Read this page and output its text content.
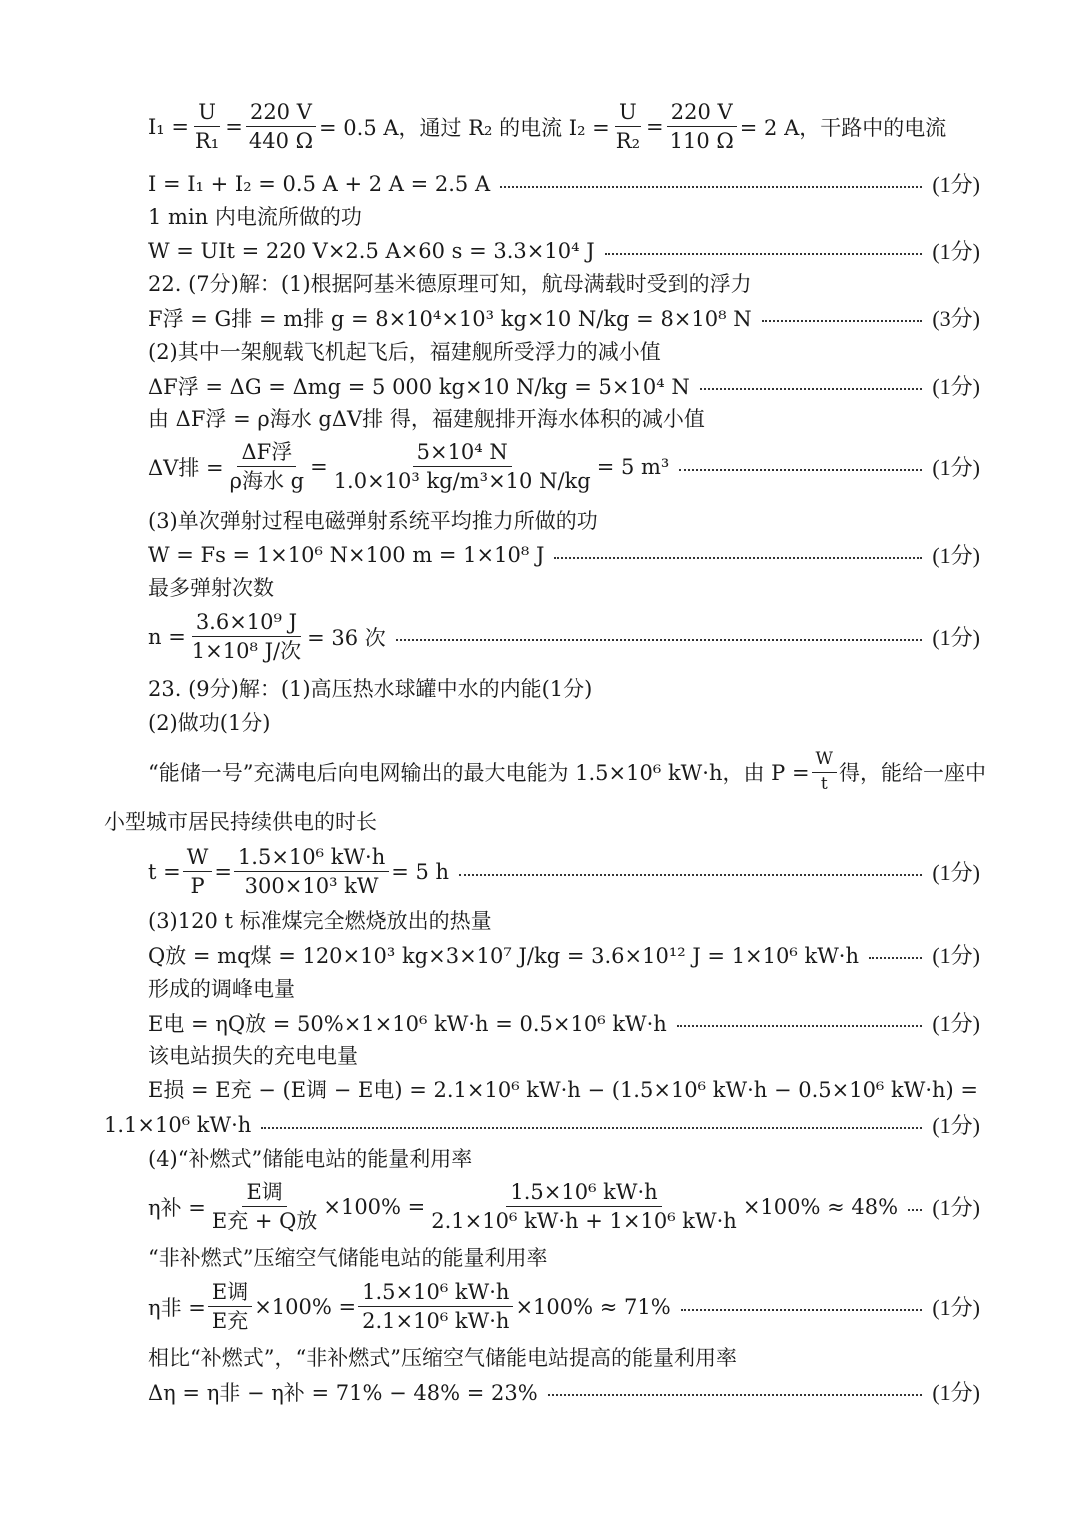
$I_1 = \frac{U}{\text{R₁}} = \frac{220 V}{440 \Omega} = 0.5$ A，通过 R₂ 的电流 $I_2 = \frac{U}{\text{R₂}} = \frac{220 V}{110 \Omega} = 2$ A，干路中的电流
I = I₁ + I₂ = 0.5 A + 2 A = 2.5 A	(1分)
1 min 内电流所做的功
W = UIt = 220 V×2.5 A×60 s = 3.3×10⁴ J	(1分)
22. (7分)解：(1)根据阿基米德原理可知，航母满载时受到的浮力
F浮 = G排 = m排 g = 8×10⁴×10³ kg×10 N/kg = 8×10⁸ N	(3分)
(2)其中一架舰载飞机起飞后，福建舰所受浮力的减小值
ΔF浮 = ΔG = Δmg = 5 000 kg×10 N/kg = 5×10⁴ N	(1分)
由 ΔF浮 = ρ海水 gΔV排 得，福建舰排开海水体积的减小值
ΔV排 = $\frac{\text{ΔF浮}}{\text{ρ海水 g}} = \frac{\text{5×10⁴ N}}{\text{1.0×10³ kg/m³×10 N/kg}} = 5$ m³	(1分)
(3)单次弹射过程电磁弹射系统平均推力所做的功
W = Fs = 1×10⁶ N×100 m = 1×10⁸ J	(1分)
最多弹射次数
$n = \frac{\text{3.6×10⁹ J}}{\text{1×10⁸ J/次}} = 36$ 次	(1分)
23. (9分)解：(1)高压热水球罐中水的内能(1分)
(2)做功(1分)
“能储一号”充满电后向电网输出的最大电能为 1.5×10⁶ kW·h，由 $P = \frac{W}{t}$ 得，能给一座中
小型城市居民持续供电的时长
$t = \frac{W}{P} = \frac{\text{1.5×10⁶ kW·h}}{\text{300×10³ kW}} = 5$ h	(1分)
(3)120 t 标准煤完全燃烧放出的热量
Q放 = mq煤 = 120×10³ kg×3×10⁷ J/kg = 3.6×10¹² J = 1×10⁶ kW·h	(1分)
形成的调峰电量
E电 = ηQ放 = 50%×1×10⁶ kW·h = 0.5×10⁶ kW·h	(1分)
该电站损失的充电电量
E损 = E充 − (E调 − E电) = 2.1×10⁶ kW·h − (1.5×10⁶ kW·h − 0.5×10⁶ kW·h) =
1.1×10⁶ kW·h	(1分)
(4)“补燃式”储能电站的能量利用率
η补 = $\frac{\text{E调}}{\text{E充 + Q放}} \times 100\% = \frac{\text{1.5×10⁶ kW·h}}{\text{2.1×10⁶ kW·h + 1×10⁶ kW·h}} \times 100\% \approx 48\%$ (1分)
“非补燃式”压缩空气储能电站的能量利用率
η非 = $\frac{\text{E调}}{\text{E充}} \times 100\% = \frac{\text{1.5×10⁶ kW·h}}{\text{2.1×10⁶ kW·h}} \times 100\% \approx 71\%$	(1分)
相比“补燃式”，“非补燃式”压缩空气储能电站提高的能量利用率
Δη = η非 − η补 = 71% − 48% = 23%	(1分)
